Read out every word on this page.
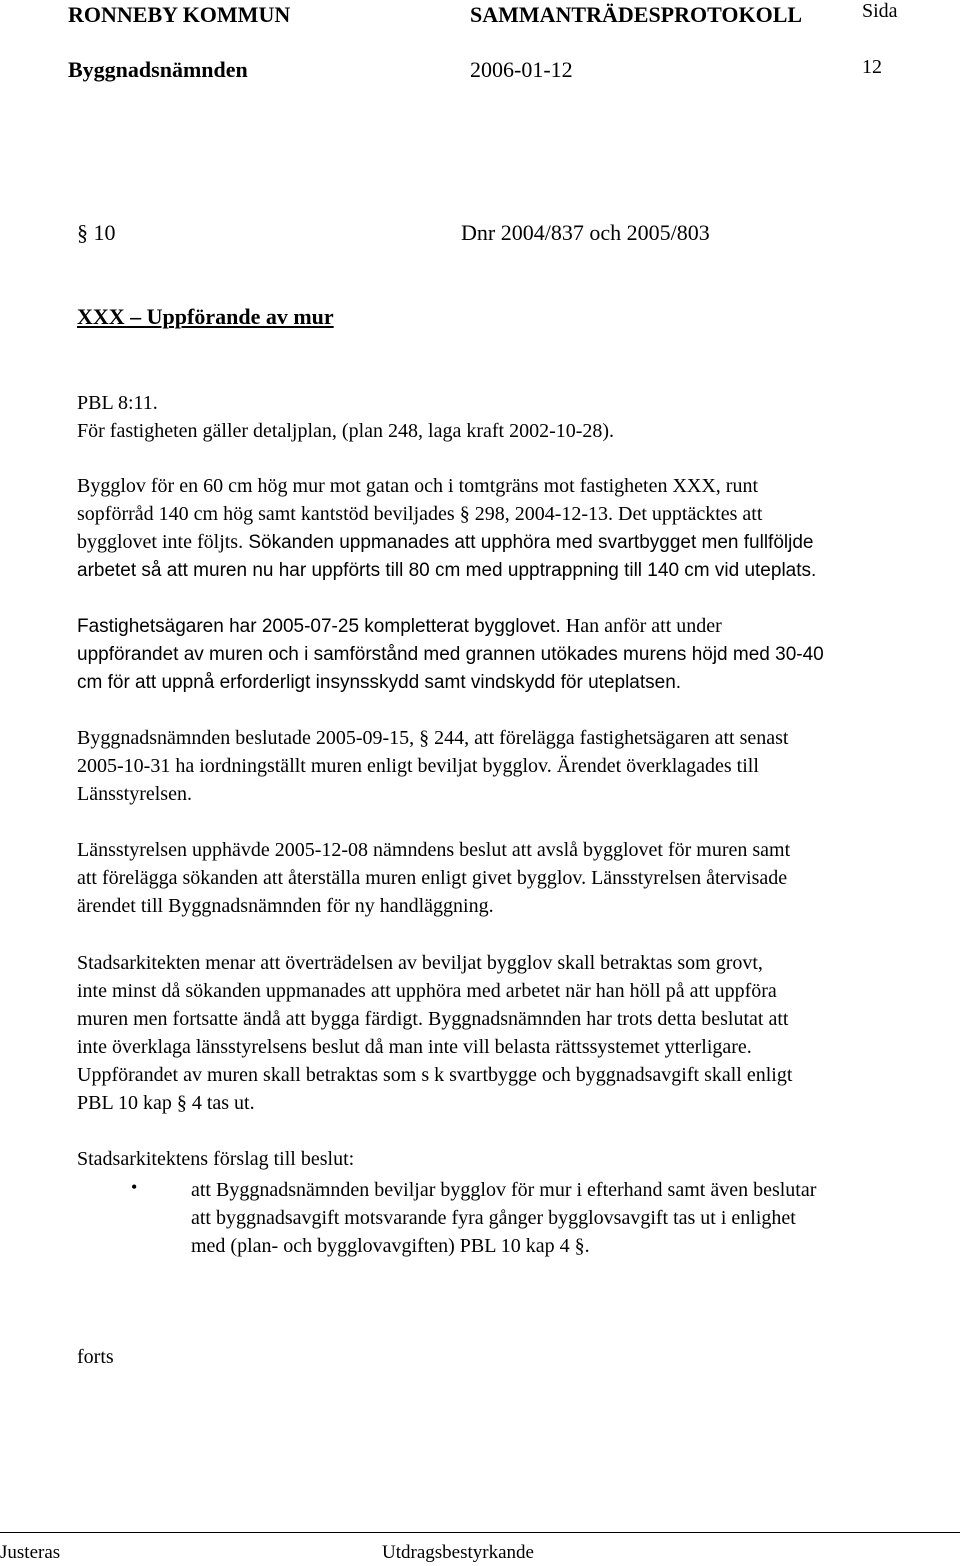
RONNEBY KOMMUN	SAMMANTRÄDESPROTOKOLL	Sida
Byggnadsnämnden	2006-01-12	12
§ 10	Dnr 2004/837 och 2005/803
XXX – Uppförande av mur
PBL 8:11.
För fastigheten gäller detaljplan, (plan 248, laga kraft 2002-10-28).
Bygglov för en 60 cm hög mur mot gatan och i tomtgräns mot fastigheten XXX, runt
sopförråd 140 cm hög samt kantstöd beviljades § 298, 2004-12-13. Det upptäcktes att
bygglovet inte följts. Sökanden uppmanades att upphöra med svartbygget men fullföljde
arbetet så att muren nu har uppförts till 80 cm med upptrappning till 140 cm vid uteplats.
Fastighetsägaren har 2005-07-25 kompletterat bygglovet. Han anför att under
uppförandet av muren och i samförstånd med grannen utökades murens höjd med 30-40
cm för att uppnå erforderligt insynsskydd samt vindskydd för uteplatsen.
Byggnadsnämnden beslutade 2005-09-15, § 244, att förelägga fastighetsägaren att senast
2005-10-31 ha iordningställt muren enligt beviljat bygglov. Ärendet överklagades till
Länsstyrelsen.
Länsstyrelsen upphävde 2005-12-08 nämndens beslut att avslå bygglovet för muren samt
att förelägga sökanden att återställa muren enligt givet bygglov. Länsstyrelsen återvisade
ärendet till Byggnadsnämnden för ny handläggning.
Stadsarkitekten menar att överträdelsen av beviljat bygglov skall betraktas som grovt,
inte minst då sökanden uppmanades att upphöra med arbetet när han höll på att uppföra
muren men fortsatte ändå att bygga färdigt. Byggnadsnämnden har trots detta beslutat att
inte överklaga länsstyrelsens beslut då man inte vill belasta rättssystemet ytterligare.
Uppförandet av muren skall betraktas som s k svartbygge och byggnadsavgift skall enligt
PBL 10 kap § 4 tas ut.
Stadsarkitektens förslag till beslut:
•	att Byggnadsnämnden beviljar bygglov för mur i efterhand samt även beslutar
att byggnadsavgift motsvarande fyra gånger bygglovsavgift tas ut i enlighet
med (plan- och bygglovavgiften) PBL 10 kap 4 §.
forts
Justeras	Utdragsbestyrkande
